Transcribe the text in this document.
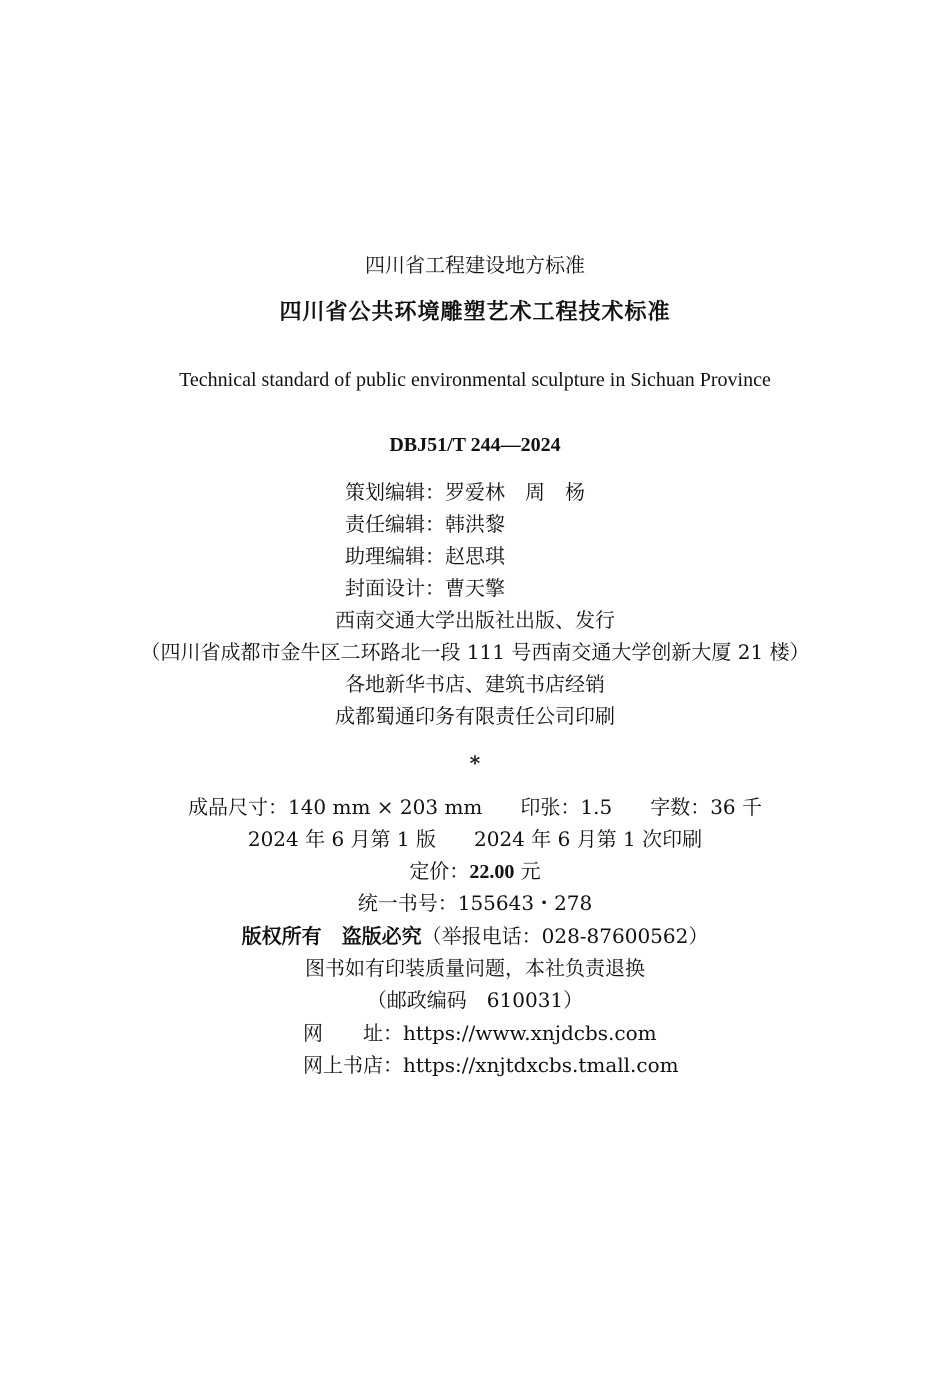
四川省工程建设地方标准
四川省公共环境雕塑艺术工程技术标准
Technical standard of public environmental sculpture in Sichuan Province
DBJ51/T 244—2024
策划编辑：罗爱林　周　杨
责任编辑：韩洪黎
助理编辑：赵思琪
封面设计：曹天擎
西南交通大学出版社出版、发行
（四川省成都市金牛区二环路北一段 111 号西南交通大学创新大厦 21 楼）
各地新华书店、建筑书店经销
成都蜀通印务有限责任公司印刷
*
成品尺寸：140 mm × 203 mm 印张：1.5 字数：36 千
2024 年 6 月第 1 版 2024 年 6 月第 1 次印刷
定价：22.00 元
统一书号：155643・278
版权所有　盗版必究（举报电话：028-87600562）
图书如有印装质量问题，本社负责退换
（邮政编码　610031）
网　　址：https://www.xnjdcbs.com
网上书店：https://xnjtdxcbs.tmall.com
